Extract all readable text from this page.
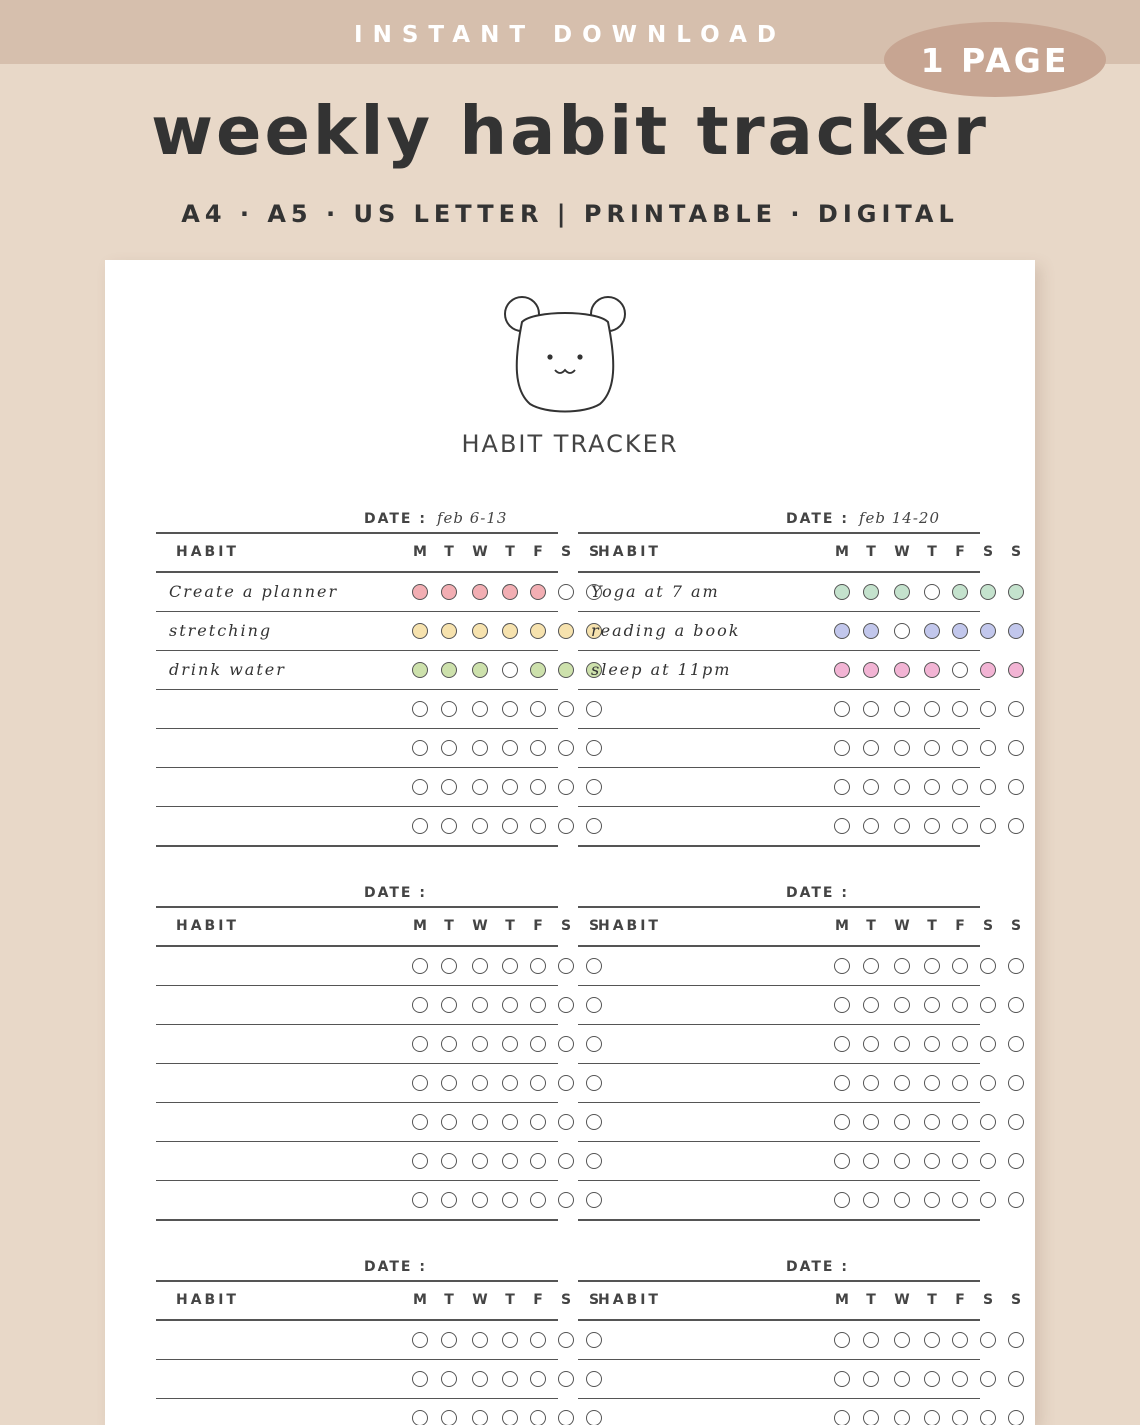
INSTANT DOWNLOAD
1 PAGE
weekly habit tracker
A4 · A5 · US LETTER | PRINTABLE · DIGITAL
HABIT TRACKER
DATE : feb 6-13
HABIT	M	T	W	T	F	S	S
Create a planner
stretching
drink water
DATE : feb 14-20
HABIT	M	T	W	T	F	S	S
Yoga at 7 am
reading a book
sleep at 11pm
DATE :
HABIT	M	T	W	T	F	S	S
DATE :
HABIT	M	T	W	T	F	S	S
DATE :
HABIT	M	T	W	T	F	S	S
DATE :
HABIT	M	T	W	T	F	S	S
